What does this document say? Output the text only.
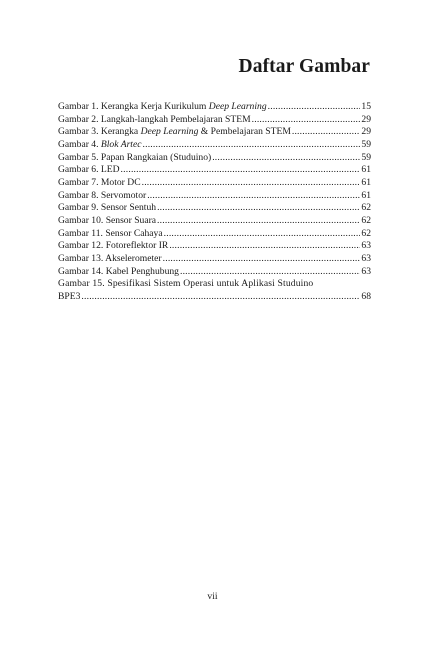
Daftar Gambar
Gambar 1. Kerangka Kerja Kurikulum Deep Learning .....	15
Gambar 2. Langkah-langkah Pembelajaran STEM .....	29
Gambar 3. Kerangka Deep Learning & Pembelajaran STEM .....	29
Gambar 4. Blok Artec .....	59
Gambar 5. Papan Rangkaian (Studuino) .....	59
Gambar 6. LED .....	61
Gambar 7. Motor DC .....	61
Gambar 8. Servomotor .....	61
Gambar 9. Sensor Sentuh .....	62
Gambar 10. Sensor Suara .....	62
Gambar 11. Sensor Cahaya .....	62
Gambar 12. Fotoreflektor IR .....	63
Gambar 13. Akselerometer .....	63
Gambar 14. Kabel Penghubung .....	63
Gambar 15. Spesifikasi Sistem Operasi untuk Aplikasi Studuino
BPE3 .....	68
vii
